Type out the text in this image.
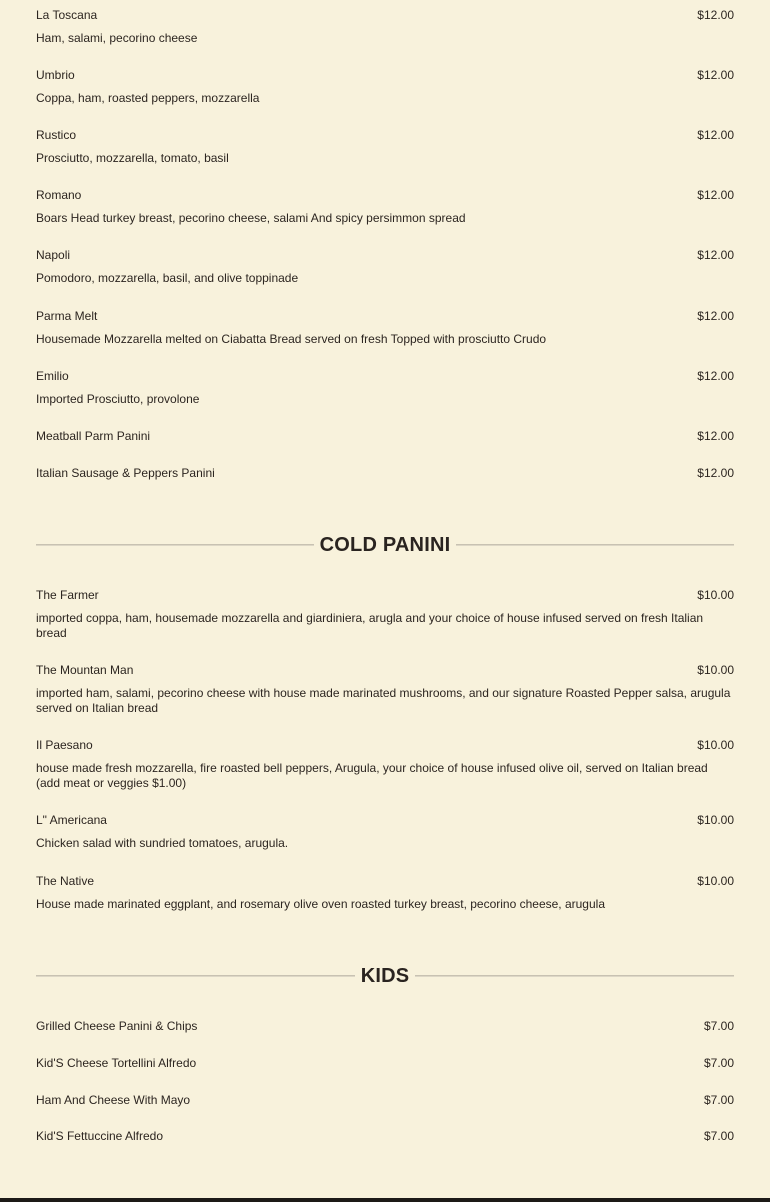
La Toscana	$12.00
Ham, salami, pecorino cheese
Umbrio	$12.00
Coppa, ham, roasted peppers, mozzarella
Rustico	$12.00
Prosciutto, mozzarella, tomato, basil
Romano	$12.00
Boars Head turkey breast, pecorino cheese, salami And spicy persimmon spread
Napoli	$12.00
Pomodoro, mozzarella, basil, and olive toppinade
Parma Melt	$12.00
Housemade Mozzarella melted on Ciabatta Bread served on fresh Topped with prosciutto Crudo
Emilio	$12.00
Imported Prosciutto, provolone
Meatball Parm Panini	$12.00
Italian Sausage & Peppers Panini	$12.00
COLD PANINI
The Farmer	$10.00
imported coppa, ham, housemade mozzarella and giardiniera, arugla and your choice of house infused served on fresh Italian bread
The Mountan Man	$10.00
imported ham, salami, pecorino cheese with house made marinated mushrooms, and our signature Roasted Pepper salsa, arugula served on Italian bread
Il Paesano	$10.00
house made fresh mozzarella, fire roasted bell peppers, Arugula, your choice of house infused olive oil, served on Italian bread (add meat or veggies $1.00)
L" Americana	$10.00
Chicken salad with sundried tomatoes, arugula.
The Native	$10.00
House made marinated eggplant, and rosemary olive oven roasted turkey breast, pecorino cheese, arugula
KIDS
Grilled Cheese Panini & Chips	$7.00
Kid'S Cheese Tortellini Alfredo	$7.00
Ham And Cheese With Mayo	$7.00
Kid'S Fettuccine Alfredo	$7.00
